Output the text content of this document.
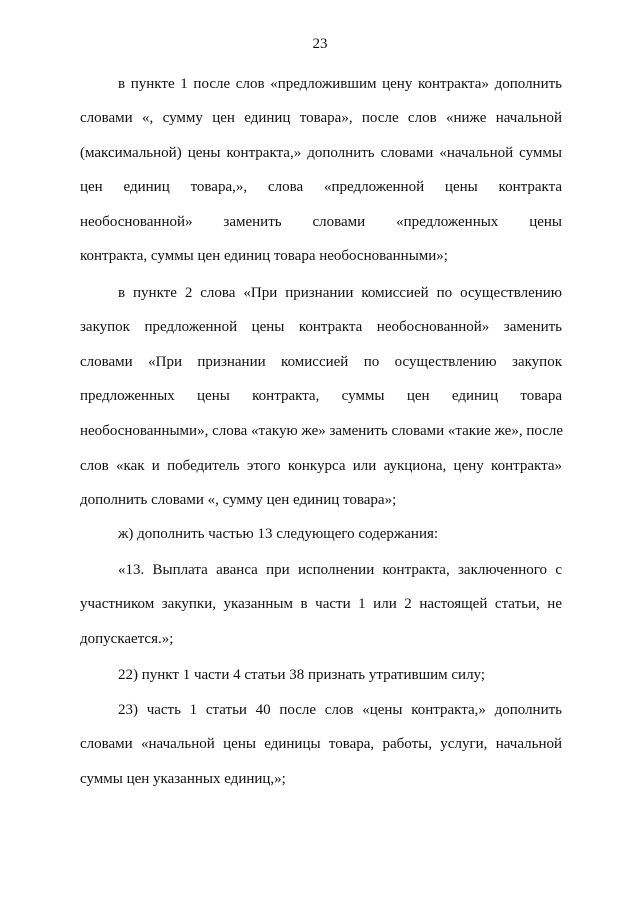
23
в пункте 1 после слов «предложившим цену контракта» дополнить
словами «, сумму цен единиц товара», после слов «ниже начальной
(максимальной) цены контракта,» дополнить словами «начальной суммы
цен единиц товара,», слова «предложенной цены контракта
необоснованной» заменить словами «предложенных цены
контракта, суммы цен единиц товара необоснованными»;
в пункте 2 слова «При признании комиссией по осуществлению
закупок предложенной цены контракта необоснованной» заменить
словами «При признании комиссией по осуществлению закупок
предложенных цены контракта, суммы цен единиц товара
необоснованными», слова «такую же» заменить словами «такие же», после
слов «как и победитель этого конкурса или аукциона, цену контракта»
дополнить словами «, сумму цен единиц товара»;
ж) дополнить частью 13 следующего содержания:
«13. Выплата аванса при исполнении контракта, заключенного с
участником закупки, указанным в части 1 или 2 настоящей статьи, не
допускается.»;
22) пункт 1 части 4 статьи 38 признать утратившим силу;
23) часть 1 статьи 40 после слов «цены контракта,» дополнить
словами «начальной цены единицы товара, работы, услуги, начальной
суммы цен указанных единиц,»;
